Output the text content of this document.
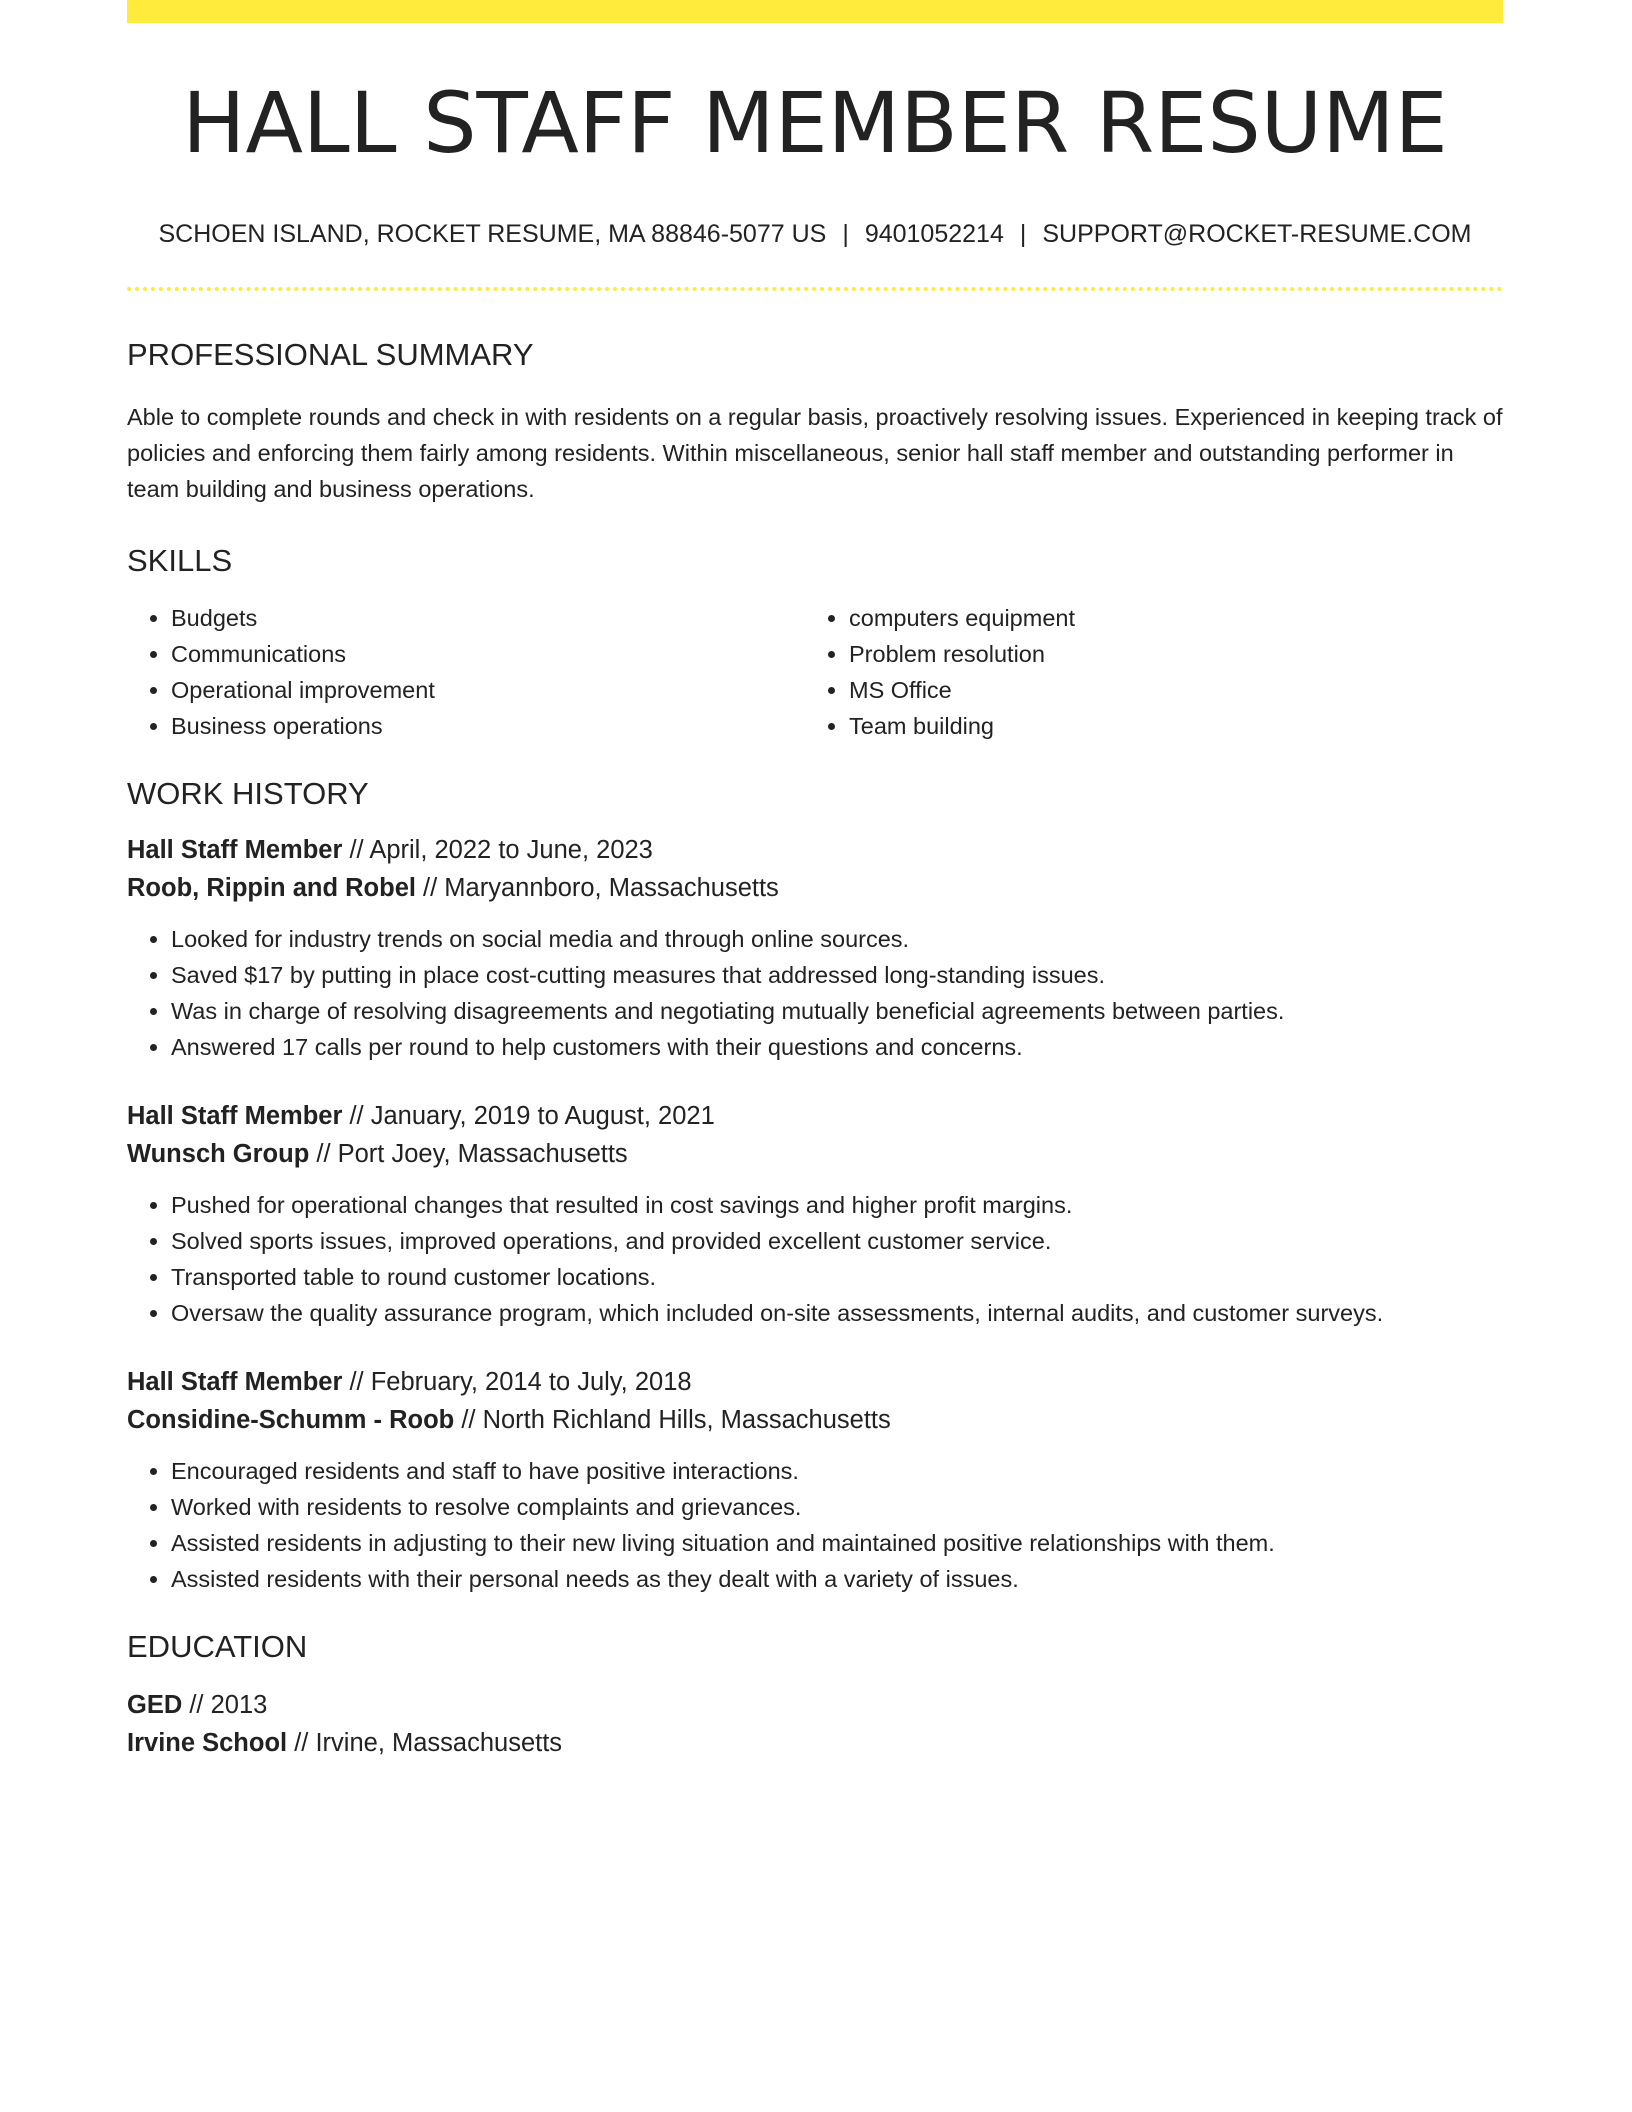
HALL STAFF MEMBER RESUME
SCHOEN ISLAND, ROCKET RESUME, MA 88846-5077 US | 9401052214 | SUPPORT@ROCKET-RESUME.COM
PROFESSIONAL SUMMARY
Able to complete rounds and check in with residents on a regular basis, proactively resolving issues. Experienced in keeping track of policies and enforcing them fairly among residents. Within miscellaneous, senior hall staff member and outstanding performer in team building and business operations.
SKILLS
• Budgets
• Communications
• Operational improvement
• Business operations
• computers equipment
• Problem resolution
• MS Office
• Team building
WORK HISTORY
Hall Staff Member // April, 2022 to June, 2023
Roob, Rippin and Robel // Maryannboro, Massachusetts
• Looked for industry trends on social media and through online sources.
• Saved $17 by putting in place cost-cutting measures that addressed long-standing issues.
• Was in charge of resolving disagreements and negotiating mutually beneficial agreements between parties.
• Answered 17 calls per round to help customers with their questions and concerns.
Hall Staff Member // January, 2019 to August, 2021
Wunsch Group // Port Joey, Massachusetts
• Pushed for operational changes that resulted in cost savings and higher profit margins.
• Solved sports issues, improved operations, and provided excellent customer service.
• Transported table to round customer locations.
• Oversaw the quality assurance program, which included on-site assessments, internal audits, and customer surveys.
Hall Staff Member // February, 2014 to July, 2018
Considine-Schumm - Roob // North Richland Hills, Massachusetts
• Encouraged residents and staff to have positive interactions.
• Worked with residents to resolve complaints and grievances.
• Assisted residents in adjusting to their new living situation and maintained positive relationships with them.
• Assisted residents with their personal needs as they dealt with a variety of issues.
EDUCATION
GED // 2013
Irvine School // Irvine, Massachusetts
